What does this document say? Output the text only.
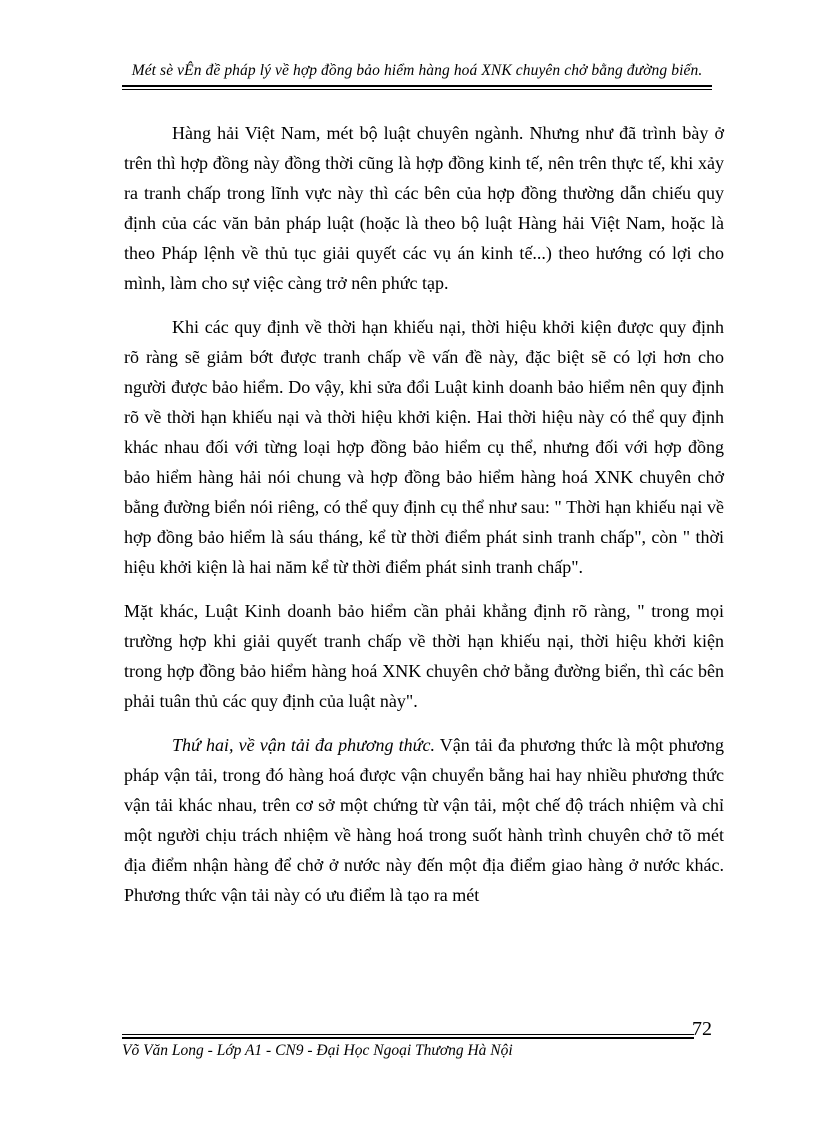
Mét sè vÊn đề pháp lý về hợp đồng bảo hiểm hàng hoá XNK chuyên chở bằng đường biển.

Hàng hải Việt Nam, mét bộ luật chuyên ngành. Nhưng như đã trình bày ở trên thì hợp đồng này đồng thời cũng là hợp đồng kinh tế, nên trên thực tế, khi xảy ra tranh chấp trong lĩnh vực này thì các bên của hợp đồng thường dẫn chiếu quy định của các văn bản pháp luật (hoặc là theo bộ luật Hàng hải Việt Nam, hoặc là theo Pháp lệnh về thủ tục giải quyết các vụ án kinh tế...) theo hướng có lợi cho mình, làm cho sự việc càng trở nên phức tạp.

Khi các quy định về thời hạn khiếu nại, thời hiệu khởi kiện được quy định rõ ràng sẽ giảm bớt được tranh chấp về vấn đề này, đặc biệt sẽ có lợi hơn cho người được bảo hiểm. Do vậy, khi sửa đổi Luật kinh doanh bảo hiểm nên quy định rõ về thời hạn khiếu nại và thời hiệu khởi kiện. Hai thời hiệu này có thể quy định khác nhau đối với từng loại hợp đồng bảo hiểm cụ thể, nhưng đối với hợp đồng bảo hiểm hàng hải nói chung và hợp đồng bảo hiểm hàng hoá XNK chuyên chở bằng đường biển nói riêng, có thể quy định cụ thể như sau: " Thời hạn khiếu nại về hợp đồng bảo hiểm là sáu tháng, kể từ thời điểm phát sinh tranh chấp", còn " thời hiệu khởi kiện là hai năm kể từ thời điểm phát sinh tranh chấp".

Mặt khác, Luật Kinh doanh bảo hiểm cần phải khẳng định rõ ràng, " trong mọi trường hợp khi giải quyết tranh chấp về thời hạn khiếu nại, thời hiệu khởi kiện trong hợp đồng bảo hiểm hàng hoá XNK chuyên chở bằng đường biển, thì các bên phải tuân thủ các quy định của luật này".

Thứ hai, về vận tải đa phương thức. Vận tải đa phương thức là một phương pháp vận tải, trong đó hàng hoá được vận chuyển bằng hai hay nhiều phương thức vận tải khác nhau, trên cơ sở một chứng từ vận tải, một chế độ trách nhiệm và chỉ một người chịu trách nhiệm về hàng hoá trong suốt hành trình chuyên chở tõ mét địa điểm nhận hàng để chở ở nước này đến một địa điểm giao hàng ở nước khác. Phương thức vận tải này có ưu điểm là tạo ra mét

72
Võ Văn Long - Lớp A1 - CN9 - Đại Học Ngoại Thương Hà Nội
